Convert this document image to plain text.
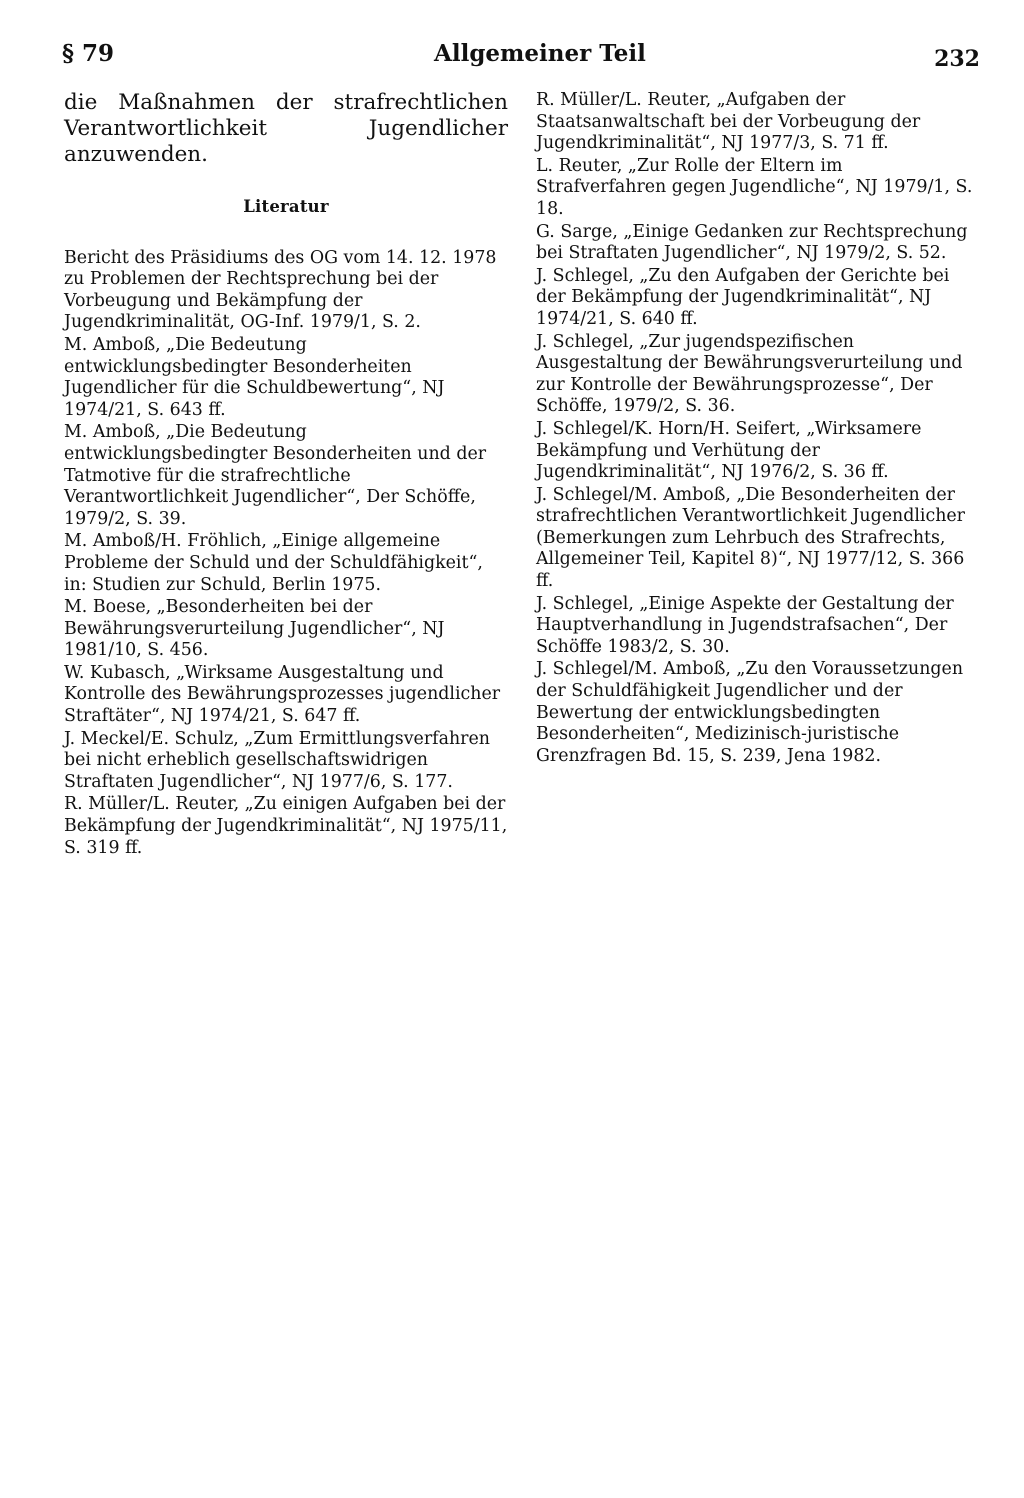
§ 79	Allgemeiner Teil	232

die Maßnahmen der strafrechtlichen Verantwortlichkeit Jugendlicher anzuwenden.

Literatur
Bericht des Präsidiums des OG vom 14. 12. 1978 zu Problemen der Rechtsprechung bei der Vorbeugung und Bekämpfung der Jugendkriminalität, OG-Inf. 1979/1, S. 2.
M. Amboß, „Die Bedeutung entwicklungsbedingter Besonderheiten Jugendlicher für die Schuldbewertung“, NJ 1974/21, S. 643 ff.
M. Amboß, „Die Bedeutung entwicklungsbedingter Besonderheiten und der Tatmotive für die strafrechtliche Verantwortlichkeit Jugendlicher“, Der Schöffe, 1979/2, S. 39.
M. Amboß/H. Fröhlich, „Einige allgemeine Probleme der Schuld und der Schuldfähigkeit“, in: Studien zur Schuld, Berlin 1975.
M. Boese, „Besonderheiten bei der Bewährungsverurteilung Jugendlicher“, NJ 1981/10, S. 456.
W. Kubasch, „Wirksame Ausgestaltung und Kontrolle des Bewährungsprozesses jugendlicher Straftäter“, NJ 1974/21, S. 647 ff.
J. Meckel/E. Schulz, „Zum Ermittlungsverfahren bei nicht erheblich gesellschaftswidrigen Straftaten Jugendlicher“, NJ 1977/6, S. 177.
R. Müller/L. Reuter, „Zu einigen Aufgaben bei der Bekämpfung der Jugendkriminalität“, NJ 1975/11, S. 319 ff.
R. Müller/L. Reuter, „Aufgaben der Staatsanwaltschaft bei der Vorbeugung der Jugendkriminalität“, NJ 1977/3, S. 71 ff.
L. Reuter, „Zur Rolle der Eltern im Strafverfahren gegen Jugendliche“, NJ 1979/1, S. 18.
G. Sarge, „Einige Gedanken zur Rechtsprechung bei Straftaten Jugendlicher“, NJ 1979/2, S. 52.
J. Schlegel, „Zu den Aufgaben der Gerichte bei der Bekämpfung der Jugendkriminalität“, NJ 1974/21, S. 640 ff.
J. Schlegel, „Zur jugendspezifischen Ausgestaltung der Bewährungsverurteilung und zur Kontrolle der Bewährungsprozesse“, Der Schöffe, 1979/2, S. 36.
J. Schlegel/K. Horn/H. Seifert, „Wirksamere Bekämpfung und Verhütung der Jugendkriminalität“, NJ 1976/2, S. 36 ff.
J. Schlegel/M. Amboß, „Die Besonderheiten der strafrechtlichen Verantwortlichkeit Jugendlicher (Bemerkungen zum Lehrbuch des Strafrechts, Allgemeiner Teil, Kapitel 8)“, NJ 1977/12, S. 366 ff.
J. Schlegel, „Einige Aspekte der Gestaltung der Hauptverhandlung in Jugendstrafsachen“, Der Schöffe 1983/2, S. 30.
J. Schlegel/M. Amboß, „Zu den Voraussetzungen der Schuldfähigkeit Jugendlicher und der Bewertung der entwicklungsbedingten Besonderheiten“, Medizinisch-juristische Grenzfragen Bd. 15, S. 239, Jena 1982.
